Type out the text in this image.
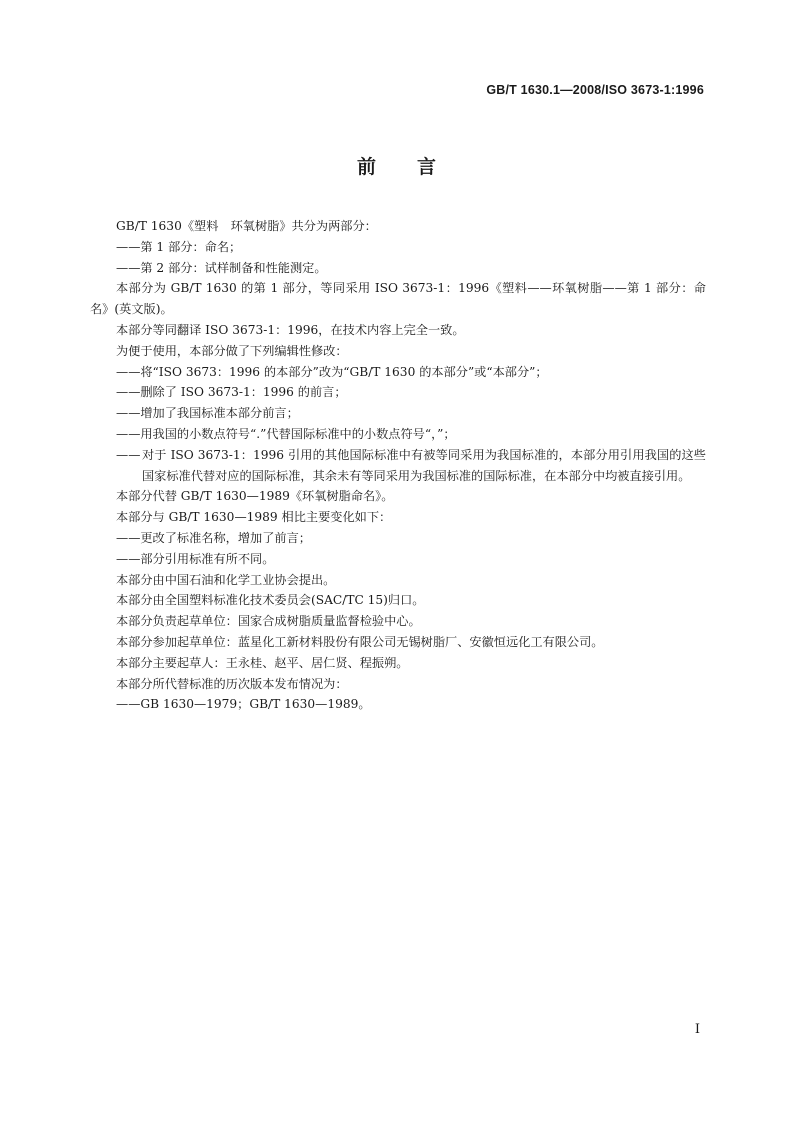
GB/T 1630.1—2008/ISO 3673-1:1996
前　　言

GB/T 1630《塑料　环氧树脂》共分为两部分：

——第 1 部分：命名；

——第 2 部分：试样制备和性能测定。

本部分为 GB/T 1630 的第 1 部分，等同采用 ISO 3673-1：1996《塑料——环氧树脂——第 1 部分：命名》(英文版)。

本部分等同翻译 ISO 3673-1：1996，在技术内容上完全一致。

为便于使用，本部分做了下列编辑性修改：

——将“ISO 3673：1996 的本部分”改为“GB/T 1630 的本部分”或“本部分”；

——删除了 ISO 3673-1：1996 的前言；

——增加了我国标准本部分前言；

——用我国的小数点符号“.”代替国际标准中的小数点符号“，”；

—— 对于 ISO 3673-1：1996 引用的其他国际标准中有被等同采用为我国标准的，本部分用引用我国的这些国家标准代替对应的国际标准，其余未有等同采用为我国标准的国际标准，在本部分中均被直接引用。

本部分代替 GB/T 1630—1989《环氧树脂命名》。

本部分与 GB/T 1630—1989 相比主要变化如下：

——更改了标准名称，增加了前言；

——部分引用标准有所不同。

本部分由中国石油和化学工业协会提出。

本部分由全国塑料标准化技术委员会(SAC/TC 15)归口。

本部分负责起草单位：国家合成树脂质量监督检验中心。

本部分参加起草单位：蓝星化工新材料股份有限公司无锡树脂厂、安徽恒远化工有限公司。

本部分主要起草人：王永桂、赵平、居仁贤、程振朔。

本部分所代替标准的历次版本发布情况为：

——GB 1630—1979；GB/T 1630—1989。

I
